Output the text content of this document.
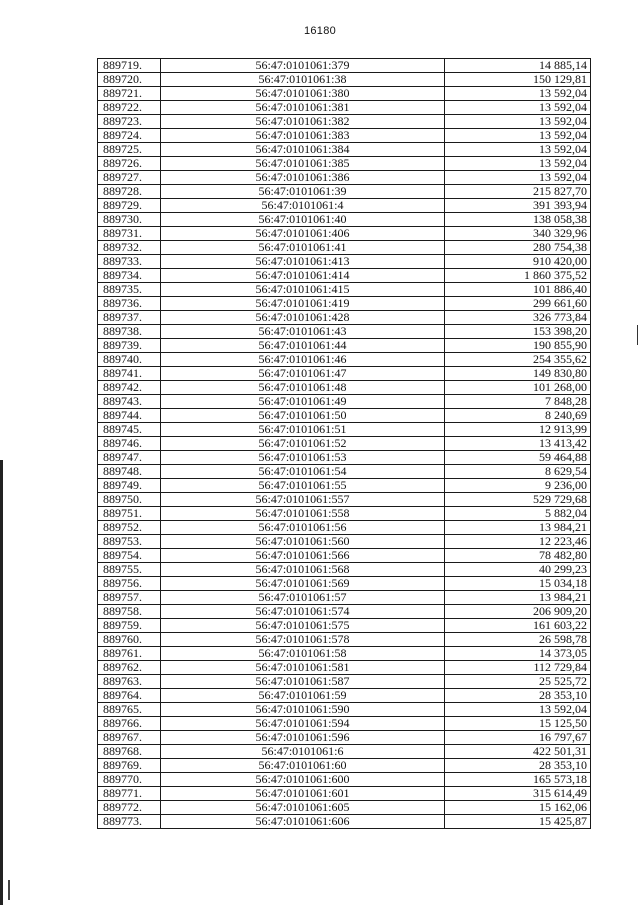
16180
889719.	56:47:0101061:379	14 885,14
889720.	56:47:0101061:38	150 129,81
889721.	56:47:0101061:380	13 592,04
889722.	56:47:0101061:381	13 592,04
889723.	56:47:0101061:382	13 592,04
889724.	56:47:0101061:383	13 592,04
889725.	56:47:0101061:384	13 592,04
889726.	56:47:0101061:385	13 592,04
889727.	56:47:0101061:386	13 592,04
889728.	56:47:0101061:39	215 827,70
889729.	56:47:0101061:4	391 393,94
889730.	56:47:0101061:40	138 058,38
889731.	56:47:0101061:406	340 329,96
889732.	56:47:0101061:41	280 754,38
889733.	56:47:0101061:413	910 420,00
889734.	56:47:0101061:414	1 860 375,52
889735.	56:47:0101061:415	101 886,40
889736.	56:47:0101061:419	299 661,60
889737.	56:47:0101061:428	326 773,84
889738.	56:47:0101061:43	153 398,20
889739.	56:47:0101061:44	190 855,90
889740.	56:47:0101061:46	254 355,62
889741.	56:47:0101061:47	149 830,80
889742.	56:47:0101061:48	101 268,00
889743.	56:47:0101061:49	7 848,28
889744.	56:47:0101061:50	8 240,69
889745.	56:47:0101061:51	12 913,99
889746.	56:47:0101061:52	13 413,42
889747.	56:47:0101061:53	59 464,88
889748.	56:47:0101061:54	8 629,54
889749.	56:47:0101061:55	9 236,00
889750.	56:47:0101061:557	529 729,68
889751.	56:47:0101061:558	5 882,04
889752.	56:47:0101061:56	13 984,21
889753.	56:47:0101061:560	12 223,46
889754.	56:47:0101061:566	78 482,80
889755.	56:47:0101061:568	40 299,23
889756.	56:47:0101061:569	15 034,18
889757.	56:47:0101061:57	13 984,21
889758.	56:47:0101061:574	206 909,20
889759.	56:47:0101061:575	161 603,22
889760.	56:47:0101061:578	26 598,78
889761.	56:47:0101061:58	14 373,05
889762.	56:47:0101061:581	112 729,84
889763.	56:47:0101061:587	25 525,72
889764.	56:47:0101061:59	28 353,10
889765.	56:47:0101061:590	13 592,04
889766.	56:47:0101061:594	15 125,50
889767.	56:47:0101061:596	16 797,67
889768.	56:47:0101061:6	422 501,31
889769.	56:47:0101061:60	28 353,10
889770.	56:47:0101061:600	165 573,18
889771.	56:47:0101061:601	315 614,49
889772.	56:47:0101061:605	15 162,06
889773.	56:47:0101061:606	15 425,87
